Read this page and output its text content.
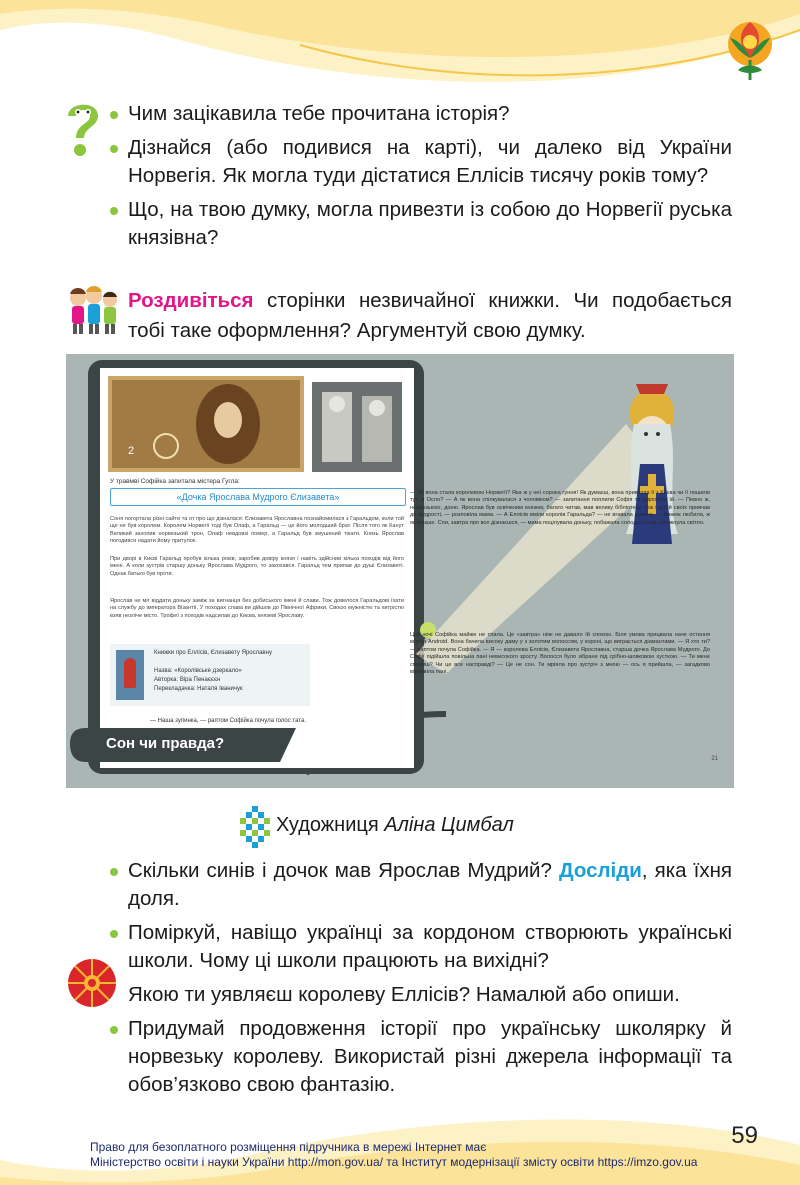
Чим зацікавила тебе прочитана історія?
Дізнайся (або подивися на карті), чи далеко від України Норвегія. Як могла туди дістатися Еллісів тисячу років тому?
Що, на твою думку, могла привезти із собою до Норвегії руська князівна?
Роздивіться сторінки незвичайної книжки. Чи подобається тобі таке оформлення? Аргументуй свою думку.
2
У травмві Софійка запитала містера Гугла:
«Дочка Ярослава Мудрого Єлизавета»
Соня погортала різні сайти та от про що дізналася: Єлизавета Ярославна познайомилася з Гаральдом, коли той ще не був королем. Королем Норвегії тоді був Олаф, а Гаральд — це його молодший брат. Після того як Канут Великий захопив норвезький трон, Олаф невдовзі помер, а Гаральд був змушений тікати. Князь Ярослав погодився надати йому притулок.
При дворі в Києві Гаральд пробув кілька років, заробив довіру князя і навіть здійснив кілька походів від його імені. А коли зустрів старшу доньку Ярослава Мудрого, то закохався. Гаральд тем припав до душі Єлизаветі. Однак батько був проти.
Ярослав не міг віддати доньку заміж за вигнанця без добиського імені й слави. Тож довелося Гаральдові їхати на службу до імператора Візантії. У походах слава ви дійшов до Північної Африки. Своєю мужністю та хитрістю взяв незліче місто. Трофеї з походів надсилав до Києва, князеві Ярославу.
Книжки про Еллісів, Єлизавету Ярославну
Назва: «Королівське дзеркало»
Авторка: Віра Пенаєєєн
Перекладачка: Наталя Іваничук
— Наша зупинка, — раптом Софійка почула голос тата.
— Як вона стала королевою Норвегії? Яка ж у неї сорока гуння! Як думаєш, вона привезла її з Києва чи її пошили тут, в Осло? — А як вона спілкувалася з чоловіком? — запитання поплили Софія та відповіли їй. — Певно ж, норвезькою, доню. Ярослав був освіченим князем, багато читав, мав велику бібліотеку, тож і дітей своїх привчав до мудрості, — розповіла мама. — А Еллісів вміли королів Гаральда? — не вгавала донька. — Авжеж любила, ж як інакше. Спи, завтра про все дізнаєшся, — мама поцілувала доньку, побажала солодких снів і вимкнула світло.
Цієї ночі Софійка майже не спала. Це «завтра» ніяк не давало їй спокою. Біля умова прицвала наче остання версія Android. Вона бачила високу даму у з золотим волоссям, у короні, що виграється діамантами. — Я хто ти? — раптом почула Софійка. — Я — королева Еллісів, Єлизавета Ярославна, старша дочка Ярослава Мудрого. До Софії підійшла повільна пані невисокого зросту. Волосся було зібране під срібно-шовковою хусткою. — Ти мене спиниш? Чи це все насправді? — Це не сон. Ти мріяла про зустріч з мною — ось я прийшла, — загадково відповіла пані.
Сон чи правда?
20	21
Художниця Аліна Цимбал
Скільки синів і дочок мав Ярослав Мудрий? Досліди, яка їхня доля.
Поміркуй, навіщо українці за кордоном створюють українські школи. Чому ці школи працюють на вихідні?
Якою ти уявляєш королеву Еллісів? Намалюй або опиши.
Придумай продовження історії про українську школярку й норвезьку королеву. Використай різні джерела інформації та обов’язково свою фантазію.
59
Право для безоплатного розміщення підручника в мережі Інтернет має
Міністерство освіти і науки України http://mon.gov.ua/ та Інститут модернізації змісту освіти https://imzo.gov.ua
